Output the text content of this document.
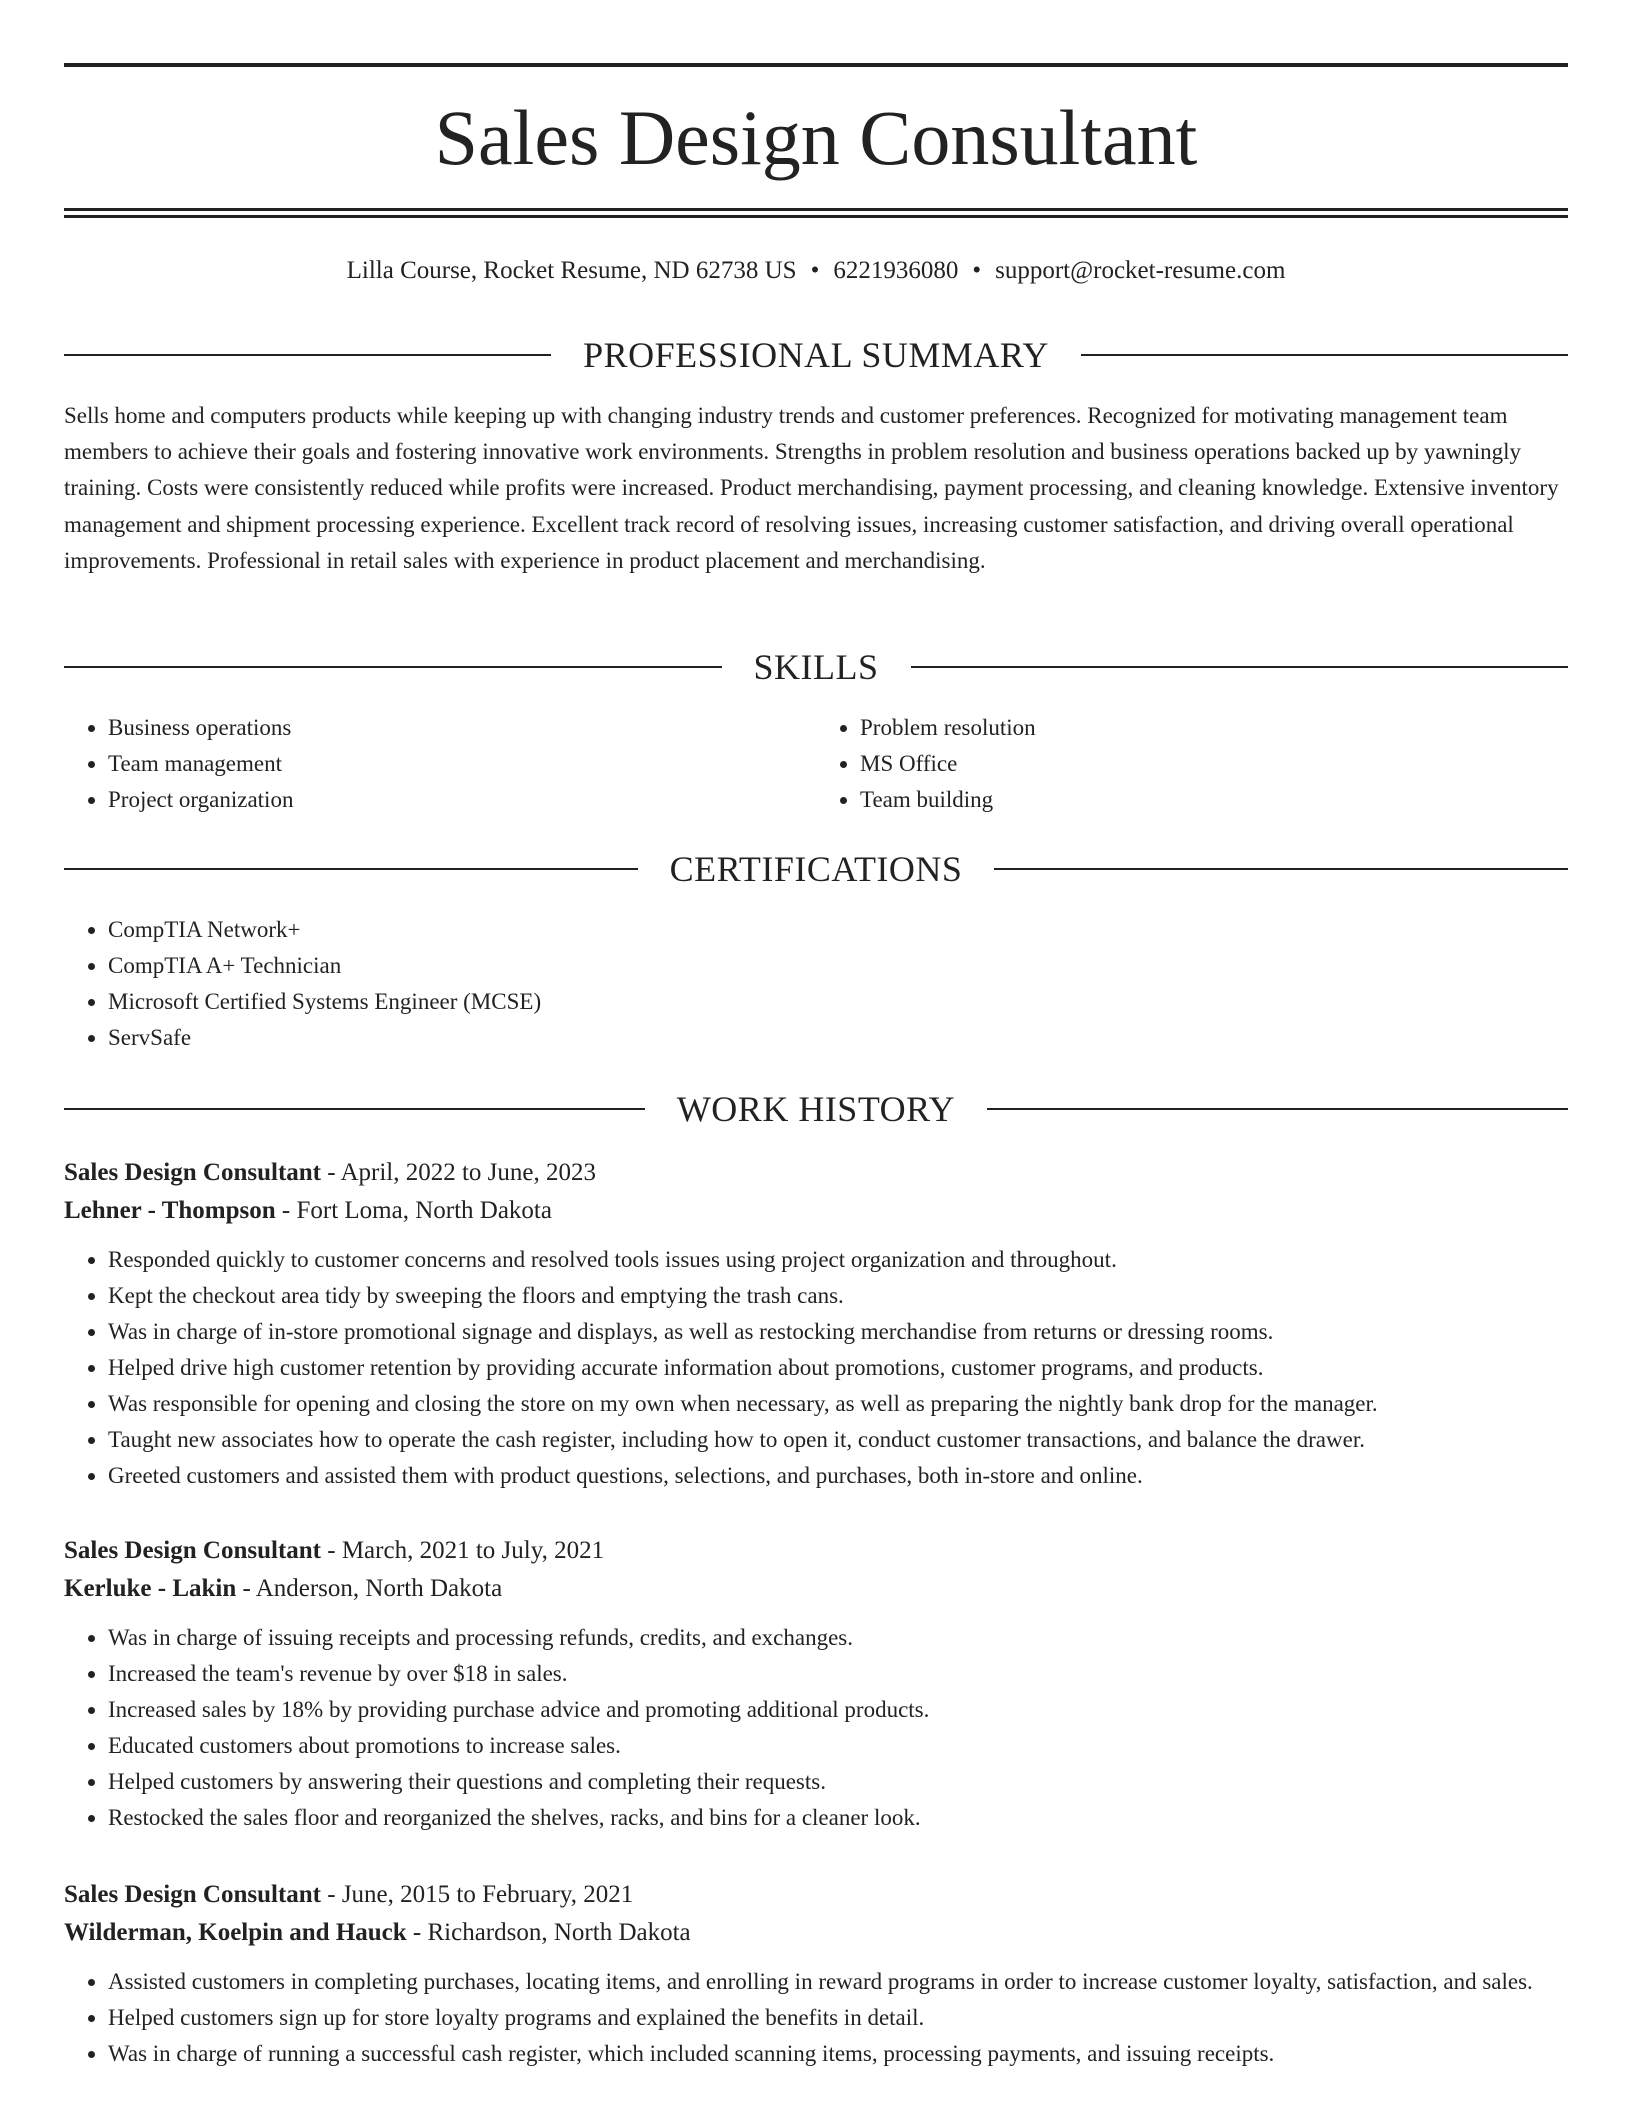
Sales Design Consultant
Lilla Course, Rocket Resume, ND 62738 US • 6221936080 • support@rocket-resume.com
PROFESSIONAL SUMMARY

Sells home and computers products while keeping up with changing industry trends and customer preferences. Recognized for motivating management team members to achieve their goals and fostering innovative work environments. Strengths in problem resolution and business operations backed up by yawningly training. Costs were consistently reduced while profits were increased. Product merchandising, payment processing, and cleaning knowledge. Extensive inventory management and shipment processing experience. Excellent track record of resolving issues, increasing customer satisfaction, and driving overall operational improvements. Professional in retail sales with experience in product placement and merchandising.

SKILLS
• Business operations
• Team management
• Project organization
• Problem resolution
• MS Office
• Team building
CERTIFICATIONS
• CompTIA Network+
• CompTIA A+ Technician
• Microsoft Certified Systems Engineer (MCSE)
• ServSafe
WORK HISTORY
Sales Design Consultant - April, 2022 to June, 2023
Lehner - Thompson - Fort Loma, North Dakota
• Responded quickly to customer concerns and resolved tools issues using project organization and throughout.
• Kept the checkout area tidy by sweeping the floors and emptying the trash cans.
• Was in charge of in-store promotional signage and displays, as well as restocking merchandise from returns or dressing rooms.
• Helped drive high customer retention by providing accurate information about promotions, customer programs, and products.
• Was responsible for opening and closing the store on my own when necessary, as well as preparing the nightly bank drop for the manager.
• Taught new associates how to operate the cash register, including how to open it, conduct customer transactions, and balance the drawer.
• Greeted customers and assisted them with product questions, selections, and purchases, both in-store and online.
Sales Design Consultant - March, 2021 to July, 2021
Kerluke - Lakin - Anderson, North Dakota
• Was in charge of issuing receipts and processing refunds, credits, and exchanges.
• Increased the team's revenue by over $18 in sales.
• Increased sales by 18% by providing purchase advice and promoting additional products.
• Educated customers about promotions to increase sales.
• Helped customers by answering their questions and completing their requests.
• Restocked the sales floor and reorganized the shelves, racks, and bins for a cleaner look.
Sales Design Consultant - June, 2015 to February, 2021
Wilderman, Koelpin and Hauck - Richardson, North Dakota
• Assisted customers in completing purchases, locating items, and enrolling in reward programs in order to increase customer loyalty, satisfaction, and sales.
• Helped customers sign up for store loyalty programs and explained the benefits in detail.
• Was in charge of running a successful cash register, which included scanning items, processing payments, and issuing receipts.
